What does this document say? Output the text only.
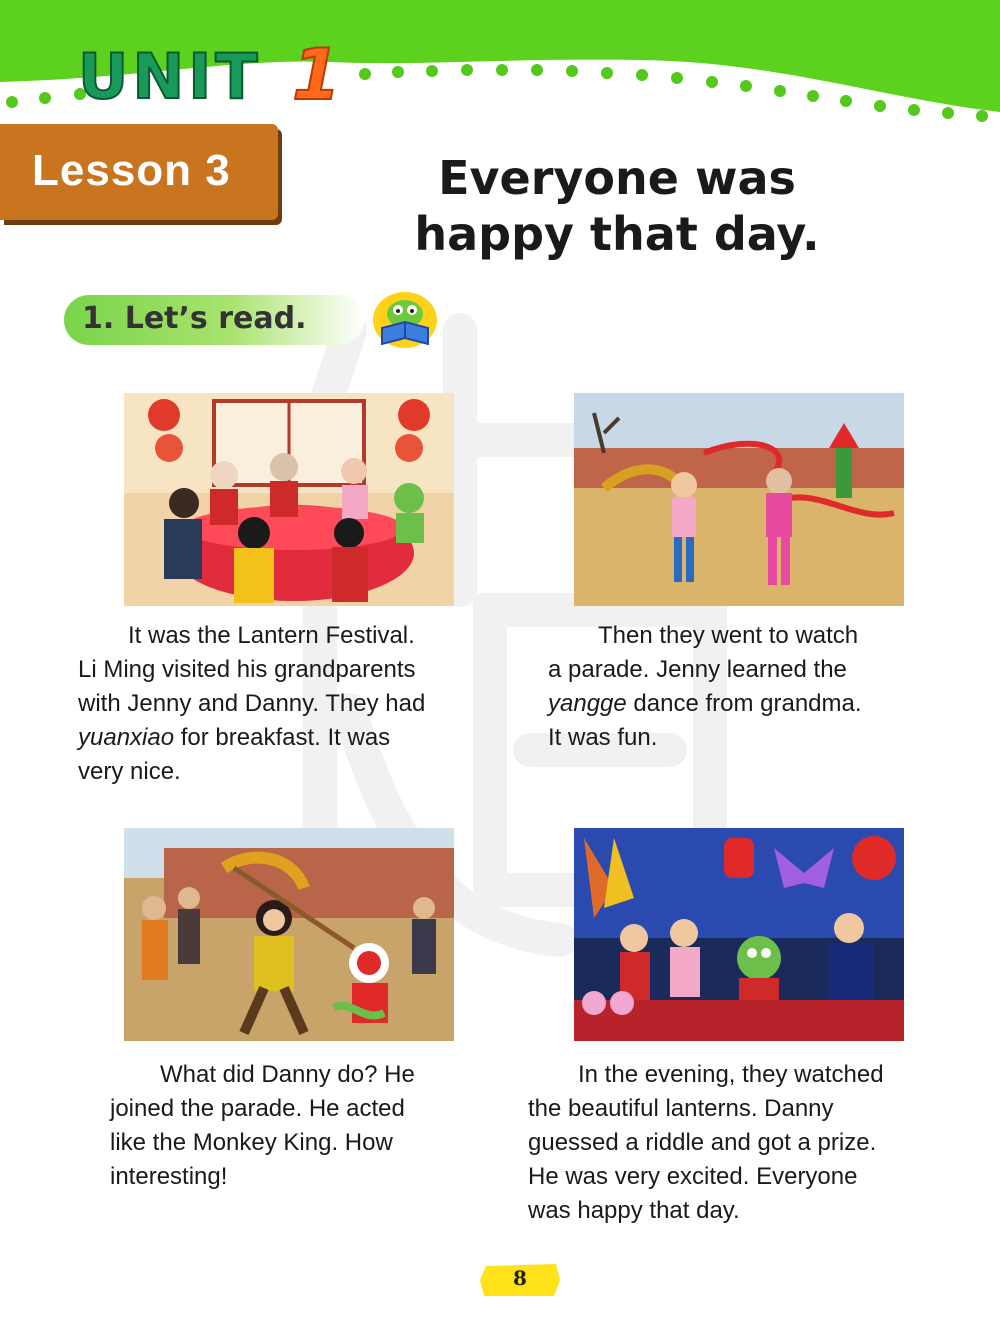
UNIT 1
Lesson 3	Everyone was
happy that day.
1. Let’s read.
It was the Lantern Festival.
Li Ming visited his grandparents
with Jenny and Danny. They had
yuanxiao for breakfast. It was
very nice.
Then they went to watch
a parade. Jenny learned the
yangge dance from grandma.
It was fun.
What did Danny do? He
joined the parade. He acted
like the Monkey King. How
interesting!
In the evening, they watched
the beautiful lanterns. Danny
guessed a riddle and got a prize.
He was very excited. Everyone
was happy that day.
8
